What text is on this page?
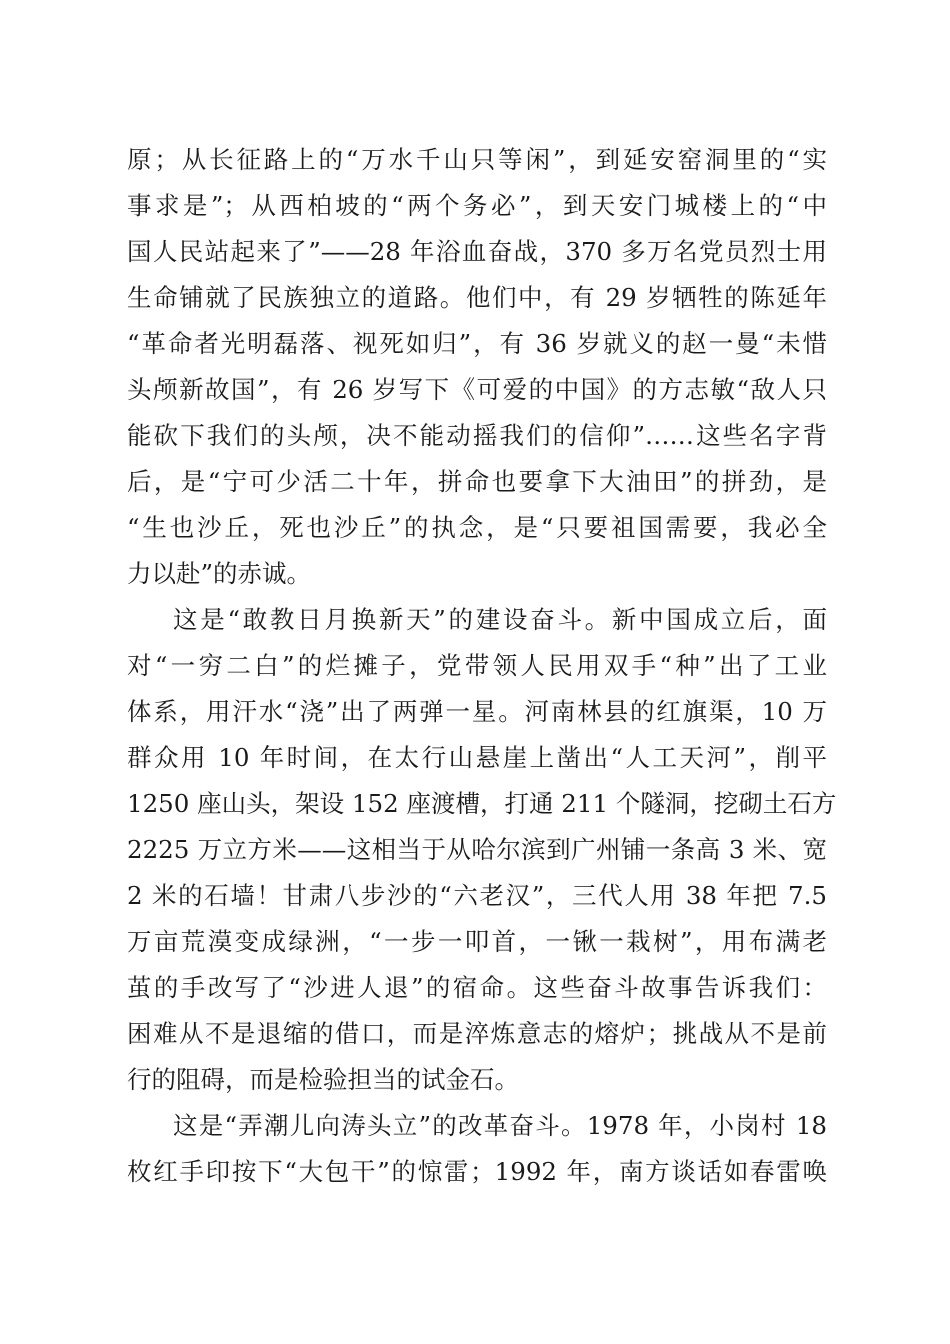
原；从长征路上的“万水千山只等闲”，到延安窑洞里的“实
事求是”；从西柏坡的“两个务必”，到天安门城楼上的“中
国人民站起来了”——28 年浴血奋战，370 多万名党员烈士用
生命铺就了民族独立的道路。他们中，有 29 岁牺牲的陈延年
“革命者光明磊落、视死如归”，有 36 岁就义的赵一曼“未惜
头颅新故国”，有 26 岁写下《可爱的中国》的方志敏“敌人只
能砍下我们的头颅，决不能动摇我们的信仰”……这些名字背
后，是“宁可少活二十年，拼命也要拿下大油田”的拼劲，是
“生也沙丘，死也沙丘”的执念，是“只要祖国需要，我必全
力以赴”的赤诚。
这是“敢教日月换新天”的建设奋斗。新中国成立后，面
对“一穷二白”的烂摊子，党带领人民用双手“种”出了工业
体系，用汗水“浇”出了两弹一星。河南林县的红旗渠，10 万
群众用 10 年时间，在太行山悬崖上凿出“人工天河”，削平
1250 座山头，架设 152 座渡槽，打通 211 个隧洞，挖砌土石方
2225 万立方米——这相当于从哈尔滨到广州铺一条高 3 米、宽
2 米的石墙！甘肃八步沙的“六老汉”，三代人用 38 年把 7.5
万亩荒漠变成绿洲，“一步一叩首，一锹一栽树”，用布满老
茧的手改写了“沙进人退”的宿命。这些奋斗故事告诉我们：
困难从不是退缩的借口，而是淬炼意志的熔炉；挑战从不是前
行的阻碍，而是检验担当的试金石。
这是“弄潮儿向涛头立”的改革奋斗。1978 年，小岗村 18
枚红手印按下“大包干”的惊雷；1992 年，南方谈话如春雷唤
